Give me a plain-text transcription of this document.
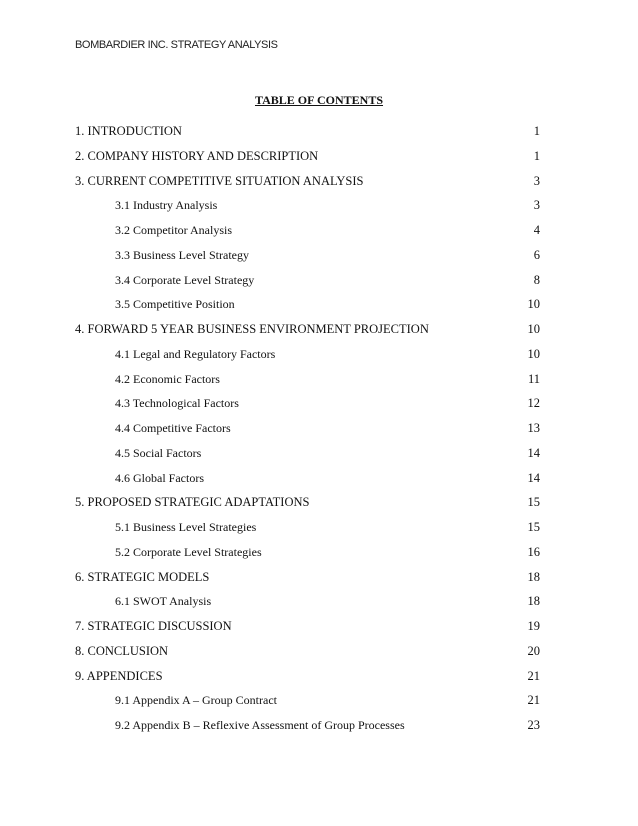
BOMBARDIER INC. STRATEGY ANALYSIS
TABLE OF CONTENTS
1. INTRODUCTION	1
2. COMPANY HISTORY AND DESCRIPTION	1
3. CURRENT COMPETITIVE SITUATION ANALYSIS	3
3.1 Industry Analysis	3
3.2 Competitor Analysis	4
3.3 Business Level Strategy	6
3.4 Corporate Level Strategy	8
3.5 Competitive Position	10
4. FORWARD 5 YEAR BUSINESS ENVIRONMENT PROJECTION	10
4.1 Legal and Regulatory Factors	10
4.2 Economic Factors	11
4.3 Technological Factors	12
4.4 Competitive Factors	13
4.5 Social Factors	14
4.6 Global Factors	14
5. PROPOSED STRATEGIC ADAPTATIONS	15
5.1 Business Level Strategies	15
5.2 Corporate Level Strategies	16
6. STRATEGIC MODELS	18
6.1 SWOT Analysis	18
7. STRATEGIC DISCUSSION	19
8. CONCLUSION	20
9. APPENDICES	21
9.1 Appendix A – Group Contract	21
9.2 Appendix B – Reflexive Assessment of Group Processes	23
